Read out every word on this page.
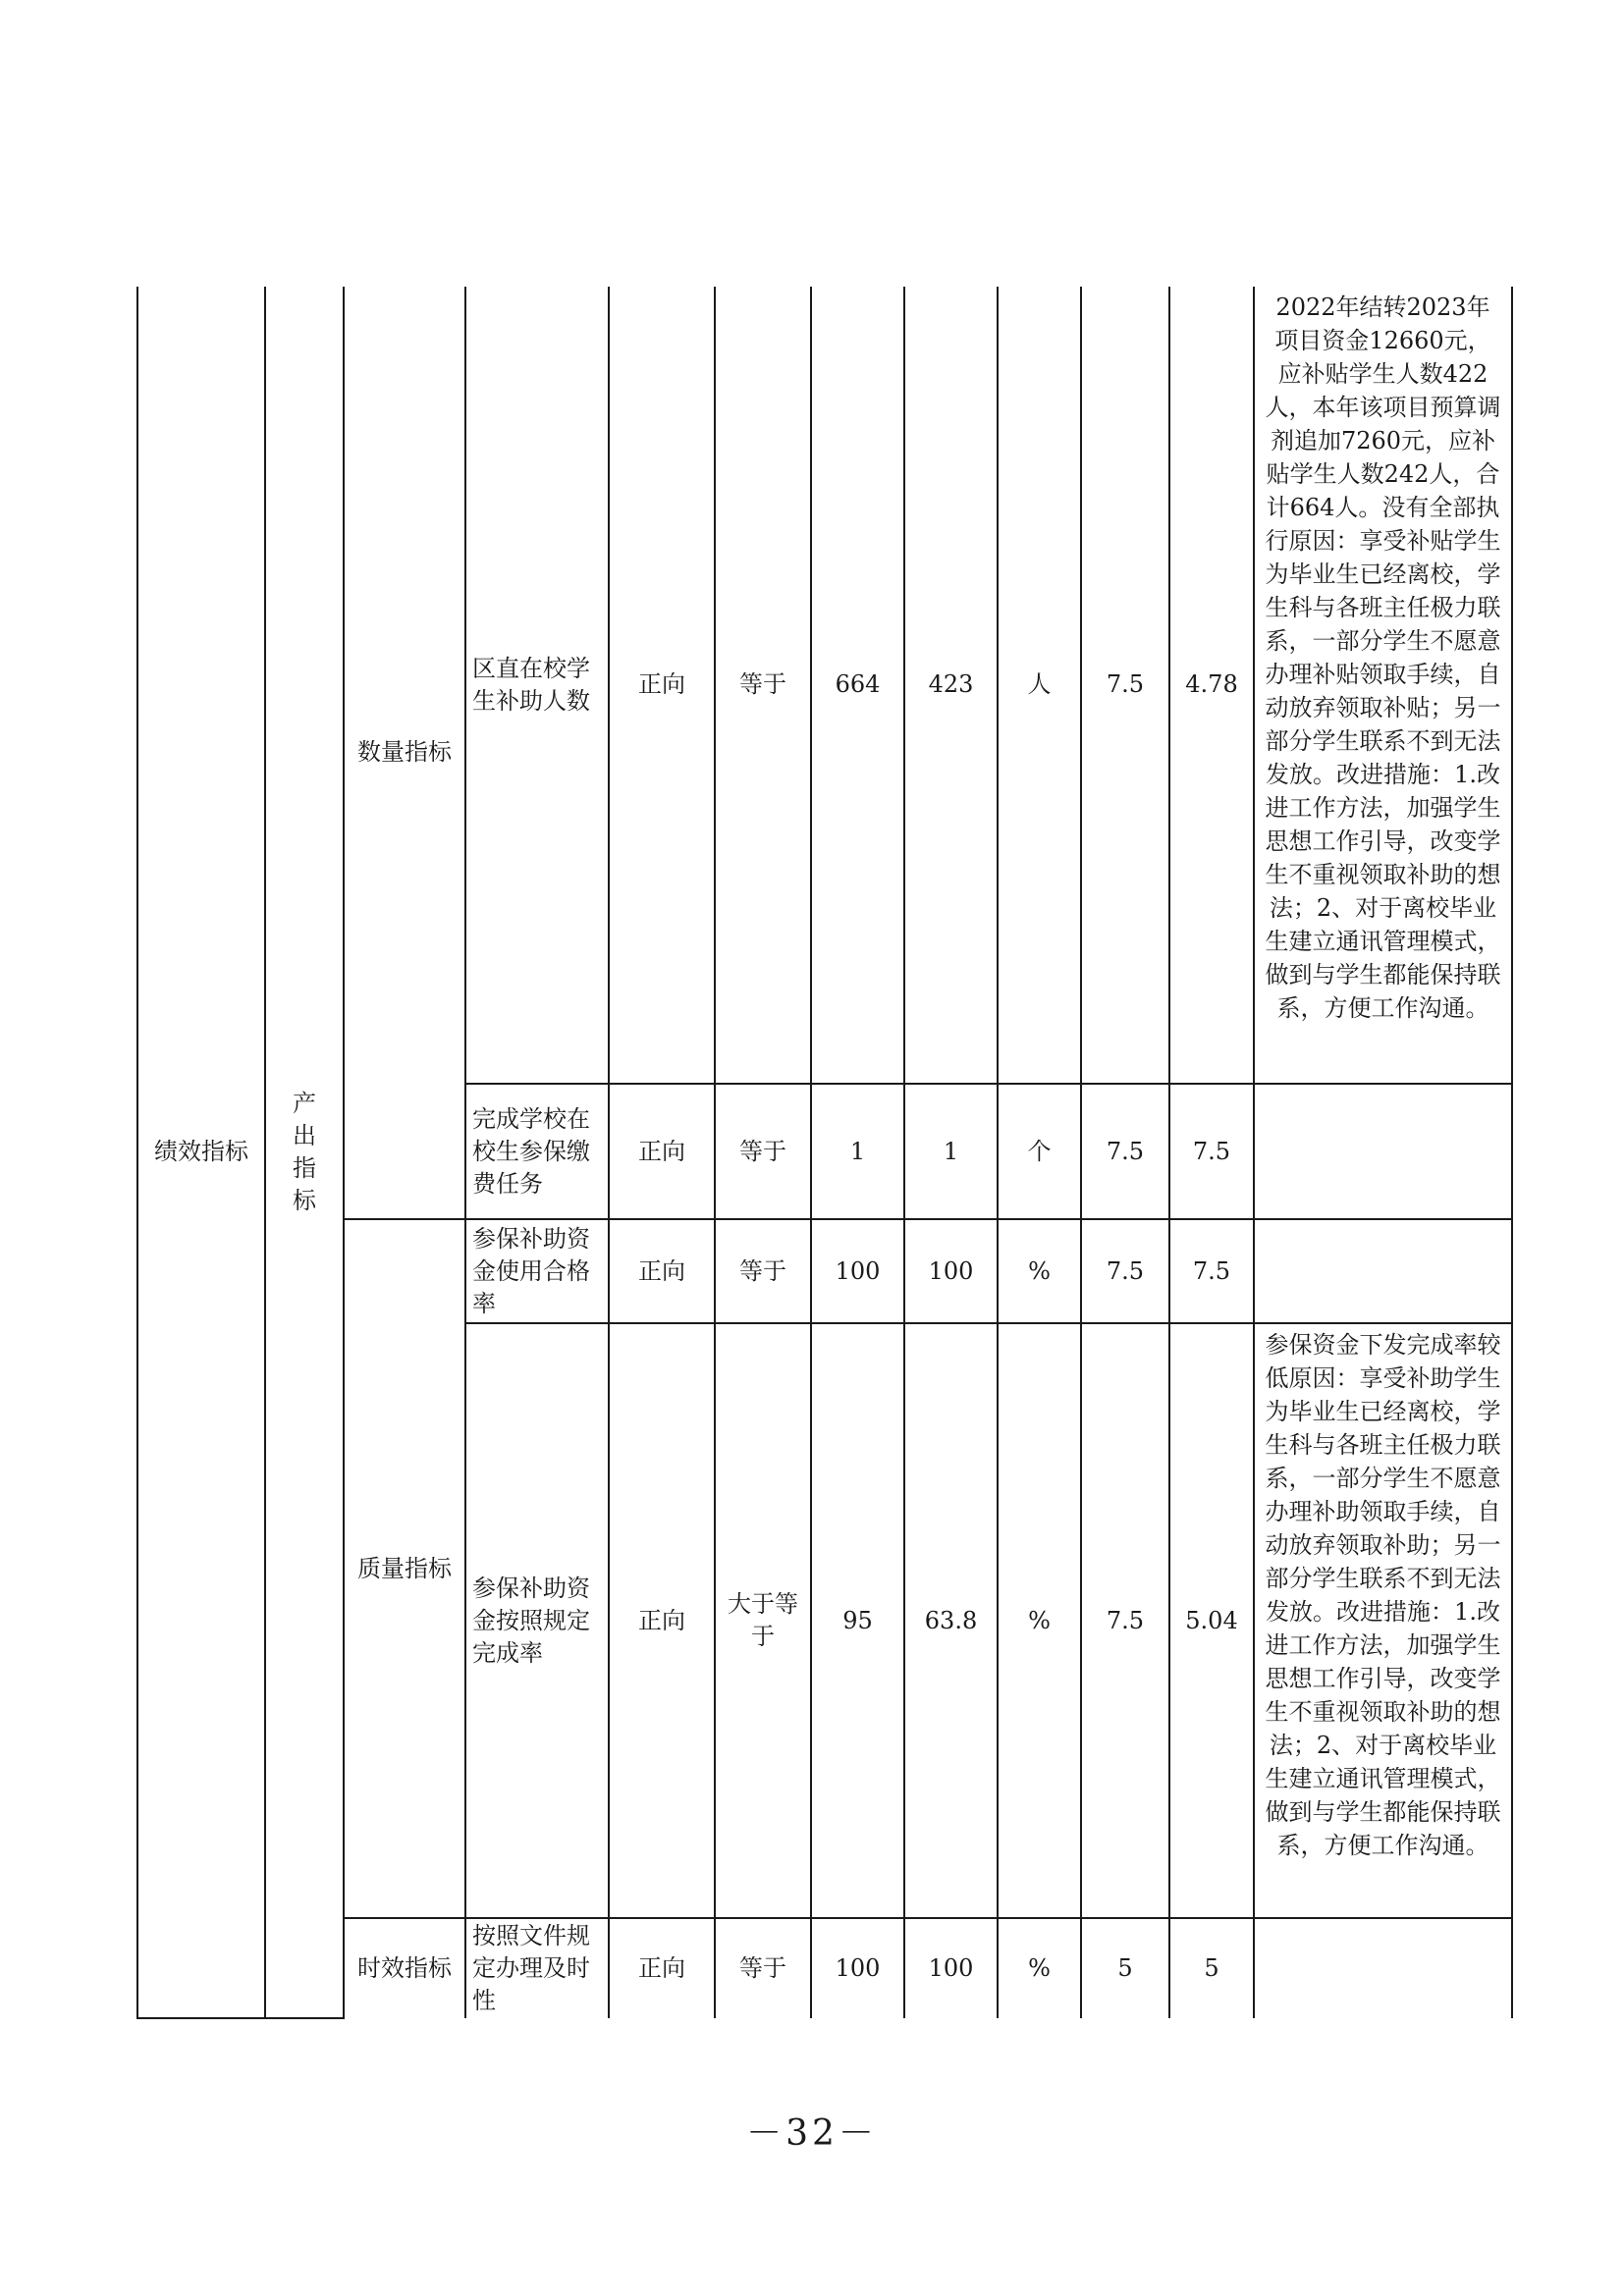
绩效指标	产出指标	数量指标	区直在校学生补助人数	正向	等于	664	423	人	7.5	4.78	2022年结转2023年项目资金12660元，应补贴学生人数422人，本年该项目预算调剂追加7260元，应补贴学生人数242人，合计664人。没有全部执行原因：享受补贴学生为毕业生已经离校，学生科与各班主任极力联系，一部分学生不愿意办理补贴领取手续，自动放弃领取补贴；另一部分学生联系不到无法发放。改进措施：1.改进工作方法，加强学生思想工作引导，改变学生不重视领取补助的想法；2、对于离校毕业生建立通讯管理模式，做到与学生都能保持联系，方便工作沟通。
			完成学校在校生参保缴费任务	正向	等于	1	1	个	7.5	7.5	
		质量指标	参保补助资金使用合格率	正向	等于	100	100	%	7.5	7.5	
			参保补助资金按照规定完成率	正向	大于等于	95	63.8	%	7.5	5.04	参保资金下发完成率较低原因：享受补助学生为毕业生已经离校，学生科与各班主任极力联系，一部分学生不愿意办理补助领取手续，自动放弃领取补助；另一部分学生联系不到无法发放。改进措施：1.改进工作方法，加强学生思想工作引导，改变学生不重视领取补助的想法；2、对于离校毕业生建立通讯管理模式，做到与学生都能保持联系，方便工作沟通。
		时效指标	按照文件规定办理及时性	正向	等于	100	100	%	5	5	
－32－
